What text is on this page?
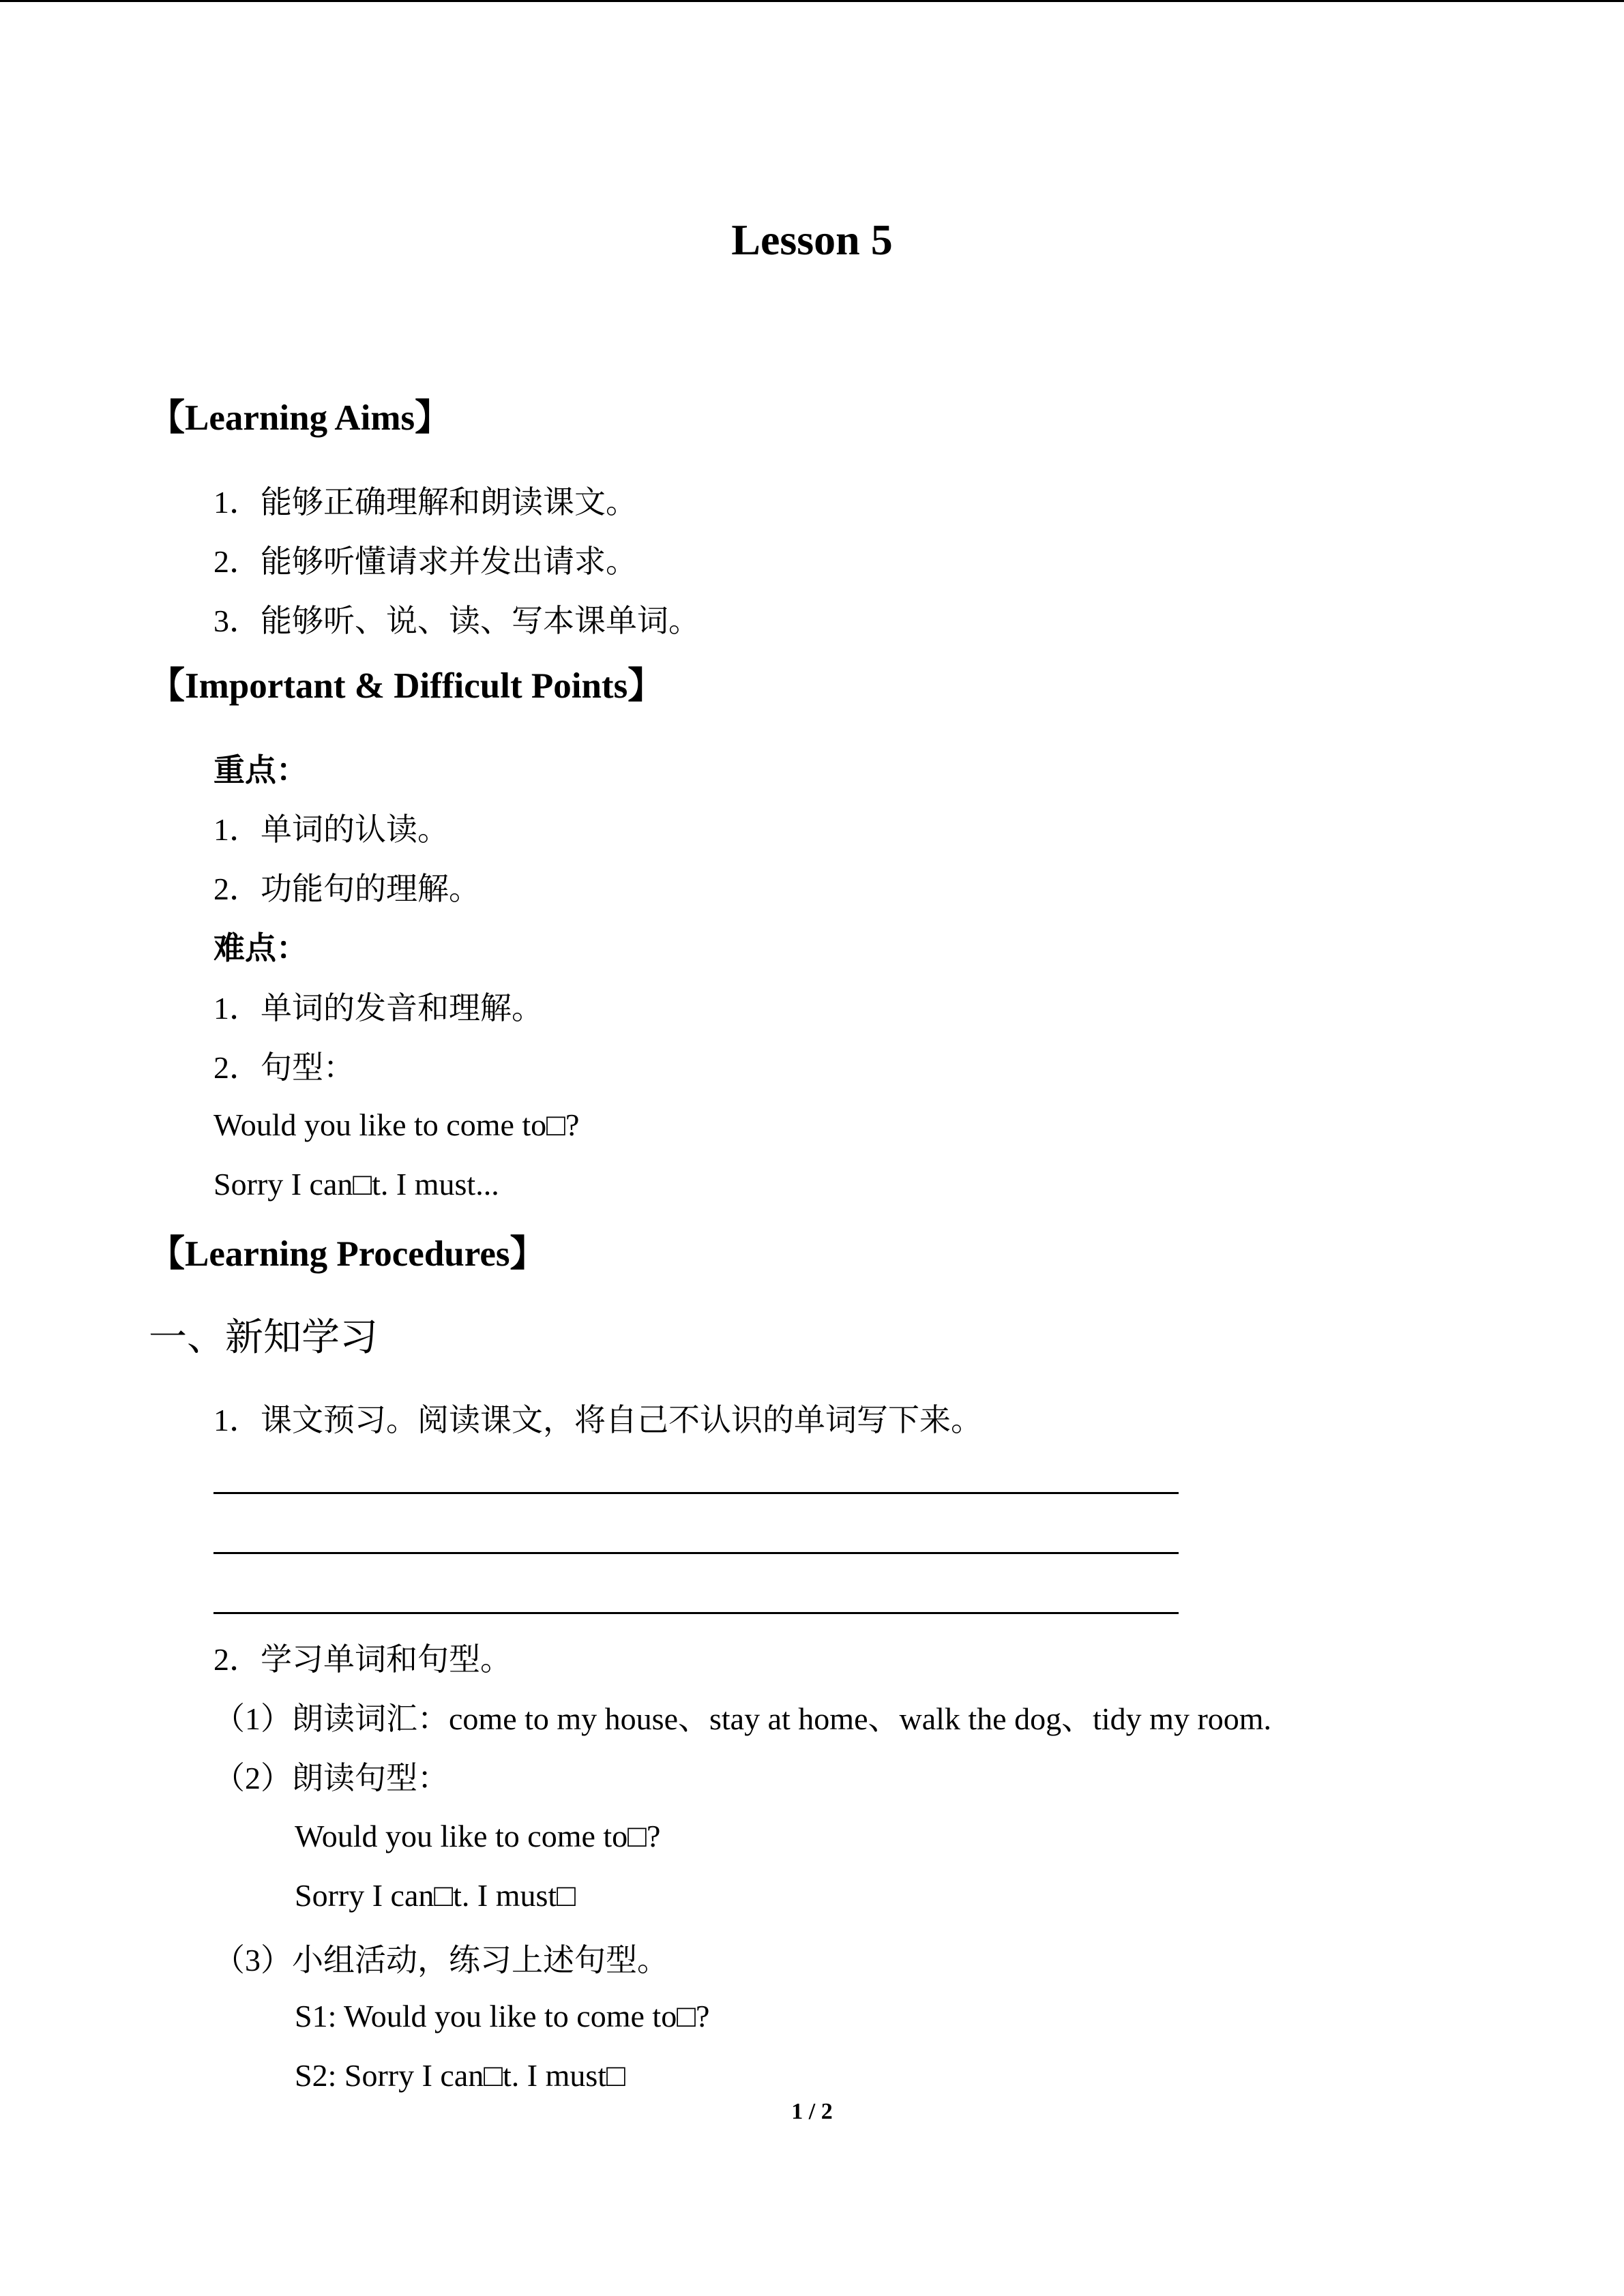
Lesson 5
【Learning Aims】
1．能够正确理解和朗读课文。
2．能够听懂请求并发出请求。
3．能够听、说、读、写本课单词。
【Important & Difficult Points】
重点：
1．单词的认读。
2．功能句的理解。
难点：
1．单词的发音和理解。
2．句型：
Would you like to come to□?
Sorry I can□t. I must...
【Learning Procedures】
一、新知学习
1．课文预习。阅读课文，将自己不认识的单词写下来。
2．学习单词和句型。
（1）朗读词汇：come to my house、stay at home、walk the dog、tidy my room.
（2）朗读句型：
Would you like to come to□?
Sorry I can□t. I must□
（3）小组活动，练习上述句型。
S1: Would you like to come to□?
S2: Sorry I can□t. I must□
1 / 2
